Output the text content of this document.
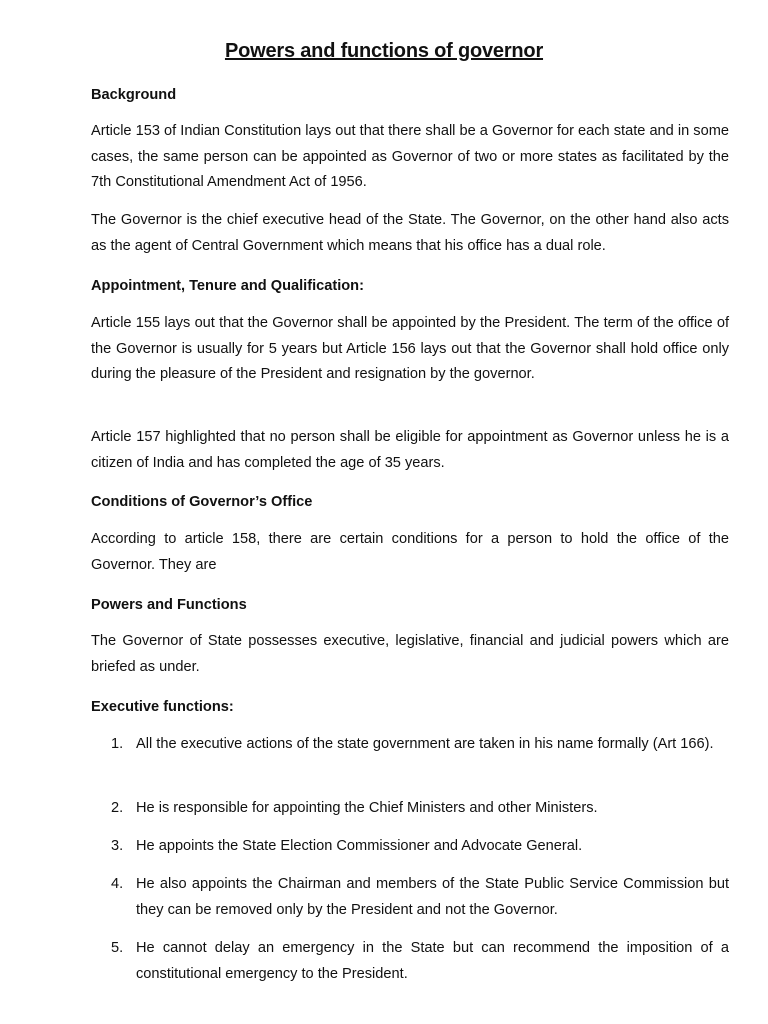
Powers and functions of governor
Background

Article 153 of Indian Constitution lays out that there shall be a Governor for each state and in some cases, the same person can be appointed as Governor of two or more states as facilitated by the 7th Constitutional Amendment Act of 1956.

The Governor is the chief executive head of the State. The Governor, on the other hand also acts as the agent of Central Government which means that his office has a dual role.

Appointment, Tenure and Qualification:

Article 155 lays out that the Governor shall be appointed by the President. The term of the office of the Governor is usually for 5 years but Article 156 lays out that the Governor shall hold office only during the pleasure of the President and resignation by the governor.

Article 157 highlighted that no person shall be eligible for appointment as Governor unless he is a citizen of India and has completed the age of 35 years.

Conditions of Governor’s Office

According to article 158, there are certain conditions for a person to hold the office of the Governor. They are

Powers and Functions

The Governor of State possesses executive, legislative, financial and judicial powers which are briefed as under.

Executive functions:
1. All the executive actions of the state government are taken in his name formally (Art 166).
2. He is responsible for appointing the Chief Ministers and other Ministers.
3. He appoints the State Election Commissioner and Advocate General.
4. He also appoints the Chairman and members of the State Public Service Commission but they can be removed only by the President and not the Governor.
5. He cannot delay an emergency in the State but can recommend the imposition of a constitutional emergency to the President.
